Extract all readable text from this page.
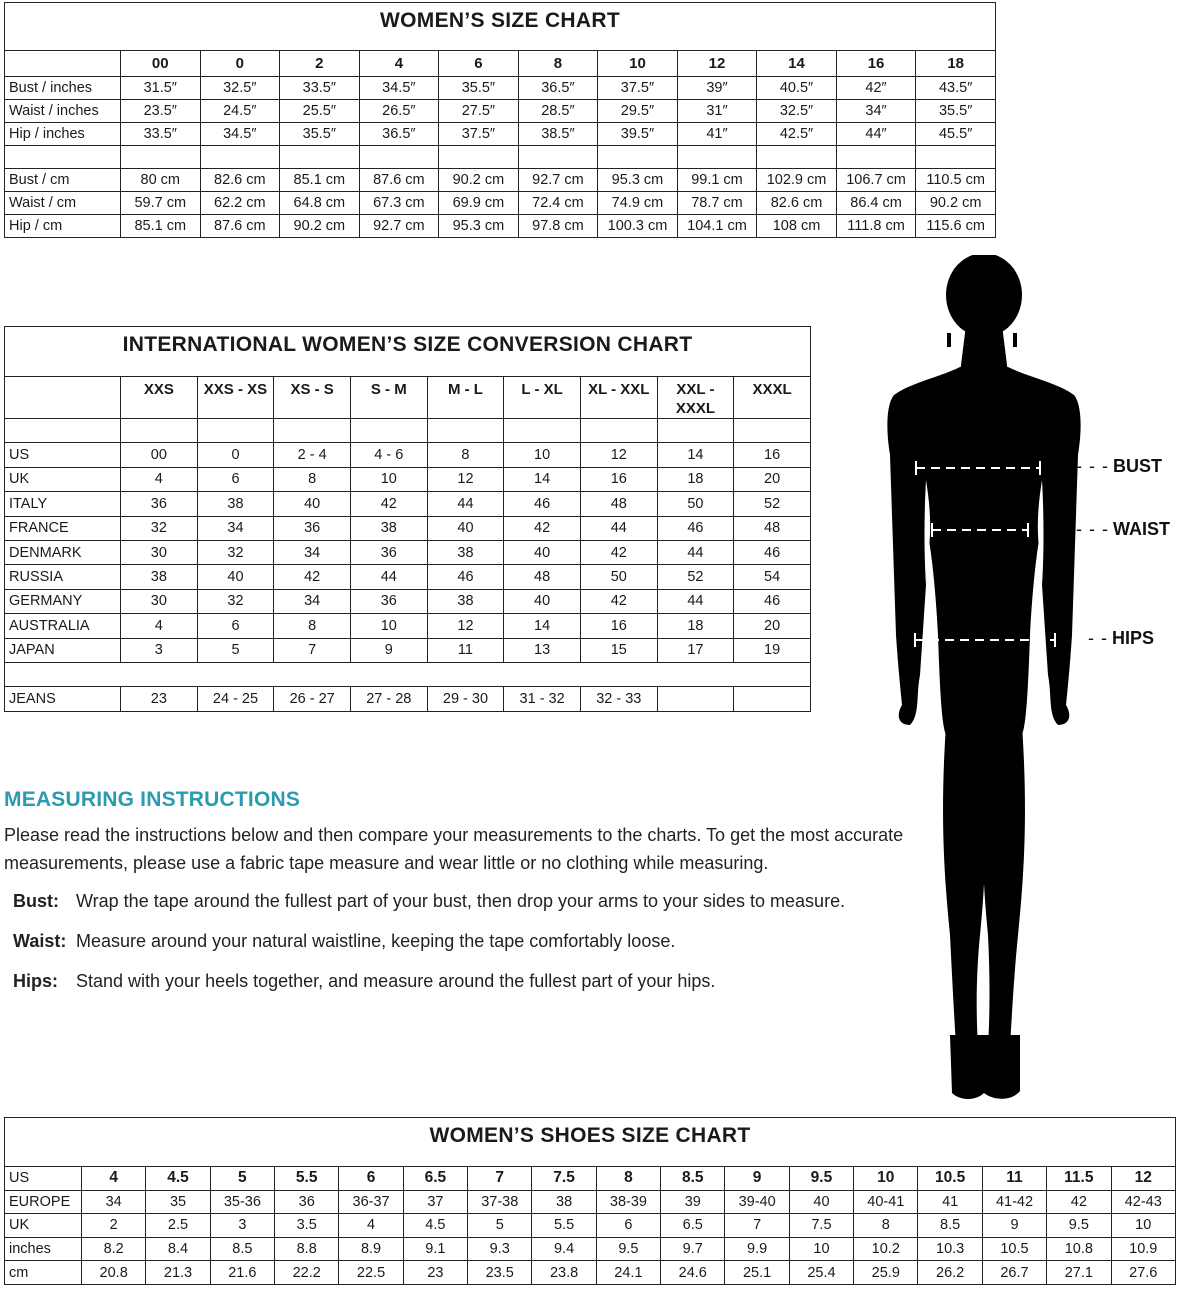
WOMEN’S SIZE CHART											
	00	0	2	4	6	8	10	12	14	16	18
Bust / inches	31.5″	32.5″	33.5″	34.5″	35.5″	36.5″	37.5″	39″	40.5″	42″	43.5″
Waist / inches	23.5″	24.5″	25.5″	26.5″	27.5″	28.5″	29.5″	31″	32.5″	34″	35.5″
Hip / inches	33.5″	34.5″	35.5″	36.5″	37.5″	38.5″	39.5″	41″	42.5″	44″	45.5″

Bust / cm	80 cm	82.6 cm	85.1 cm	87.6 cm	90.2 cm	92.7 cm	95.3 cm	99.1 cm	102.9 cm	106.7 cm	110.5 cm
Waist / cm	59.7 cm	62.2 cm	64.8 cm	67.3 cm	69.9 cm	72.4 cm	74.9 cm	78.7 cm	82.6 cm	86.4 cm	90.2 cm
Hip / cm	85.1 cm	87.6 cm	90.2 cm	92.7 cm	95.3 cm	97.8 cm	100.3 cm	104.1 cm	108 cm	111.8 cm	115.6 cm
INTERNATIONAL WOMEN’S SIZE CONVERSION CHART									
	XXS	XXS - XS	XS - S	S - M	M - L	L - XL	XL - XXL	XXL - XXXL	XXXL

US	00	0	2 - 4	4 - 6	8	10	12	14	16
UK	4	6	8	10	12	14	16	18	20
ITALY	36	38	40	42	44	46	48	50	52
FRANCE	32	34	36	38	40	42	44	46	48
DENMARK	30	32	34	36	38	40	42	44	46
RUSSIA	38	40	42	44	46	48	50	52	54
GERMANY	30	32	34	36	38	40	42	44	46
AUSTRALIA	4	6	8	10	12	14	16	18	20
JAPAN	3	5	7	9	11	13	15	17	19

JEANS	23	24 - 25	26 - 27	27 - 28	29 - 30	31 - 32	32 - 33		
MEASURING INSTRUCTIONS

Please read the instructions below and then compare your measurements to the charts. To get the most accurate measurements, please use a fabric tape measure and wear little or no clothing while measuring.

Bust: Wrap the tape around the fullest part of your bust, then drop your arms to your sides to measure.
Waist: Measure around your natural waistline, keeping the tape comfortably loose.
Hips:	Stand with your heels together, and measure around the fullest part of your hips.
- - - BUST
- - - WAIST
- - HIPS
WOMEN’S SHOES SIZE CHART																	
US	4	4.5	5	5.5	6	6.5	7	7.5	8	8.5	9	9.5	10	10.5	11	11.5	12
EUROPE	34	35	35-36	36	36-37	37	37-38	38	38-39	39	39-40	40	40-41	41	41-42	42	42-43
UK	2	2.5	3	3.5	4	4.5	5	5.5	6	6.5	7	7.5	8	8.5	9	9.5	10
inches	8.2	8.4	8.5	8.8	8.9	9.1	9.3	9.4	9.5	9.7	9.9	10	10.2	10.3	10.5	10.8	10.9
cm	20.8	21.3	21.6	22.2	22.5	23	23.5	23.8	24.1	24.6	25.1	25.4	25.9	26.2	26.7	27.1	27.6
